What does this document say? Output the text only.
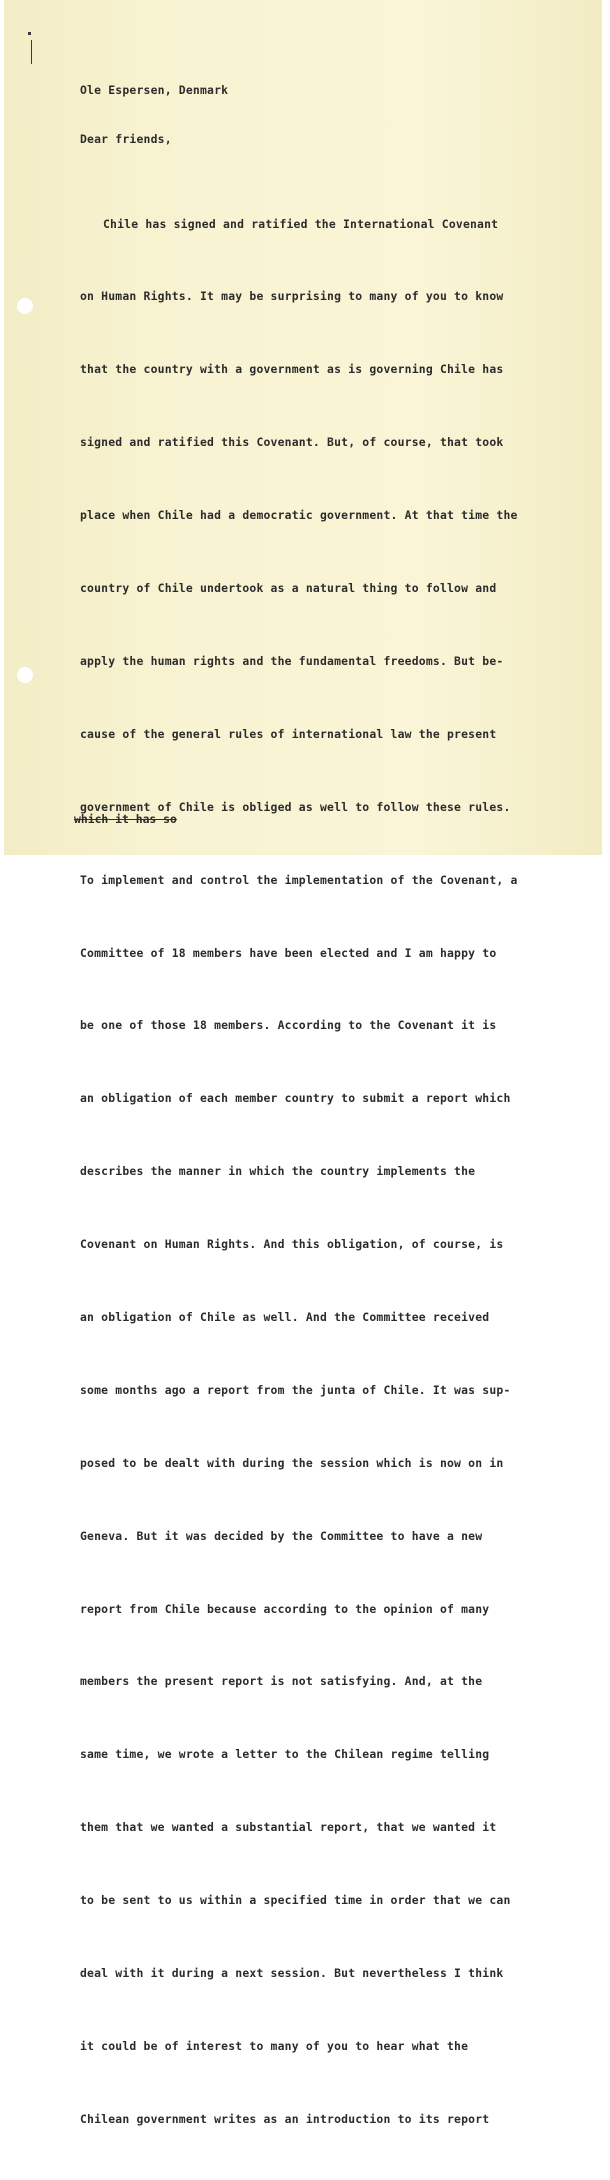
Ole Espersen, Denmark
Dear friends,

Chile has signed and ratified the International Covenant

on Human Rights. It may be surprising to many of you to know

that the country with a government as is governing Chile has

signed and ratified this Covenant. But, of course, that took

place when Chile had a democratic government. At that time the

country of Chile undertook as a natural thing to follow and

apply the human rights and the fundamental freedoms. But be-

cause of the general rules of international law the present

government of Chile is obliged as well to follow these rules.

To implement and control the implementation of the Covenant, a

Committee of 18 members have been elected and I am happy to

be one of those 18 members. According to the Covenant it is

an obligation of each member country to submit a report which

describes the manner in which the country implements the

Covenant on Human Rights. And this obligation, of course, is

an obligation of Chile as well. And the Committee received

some months ago a report from the junta of Chile. It was sup-

posed to be dealt with during the session which is now on in

Geneva. But it was decided by the Committee to have a new

report from Chile because according to the opinion of many

members the present report is not satisfying. And, at the

same time, we wrote a letter to the Chilean regime telling

them that we wanted a substantial report, that we wanted it

to be sent to us within a specified time in order that we can

deal with it during a next session. But nevertheless I think

it could be of interest to many of you to hear what the

Chilean government writes as an introduction to its report

which it has so
